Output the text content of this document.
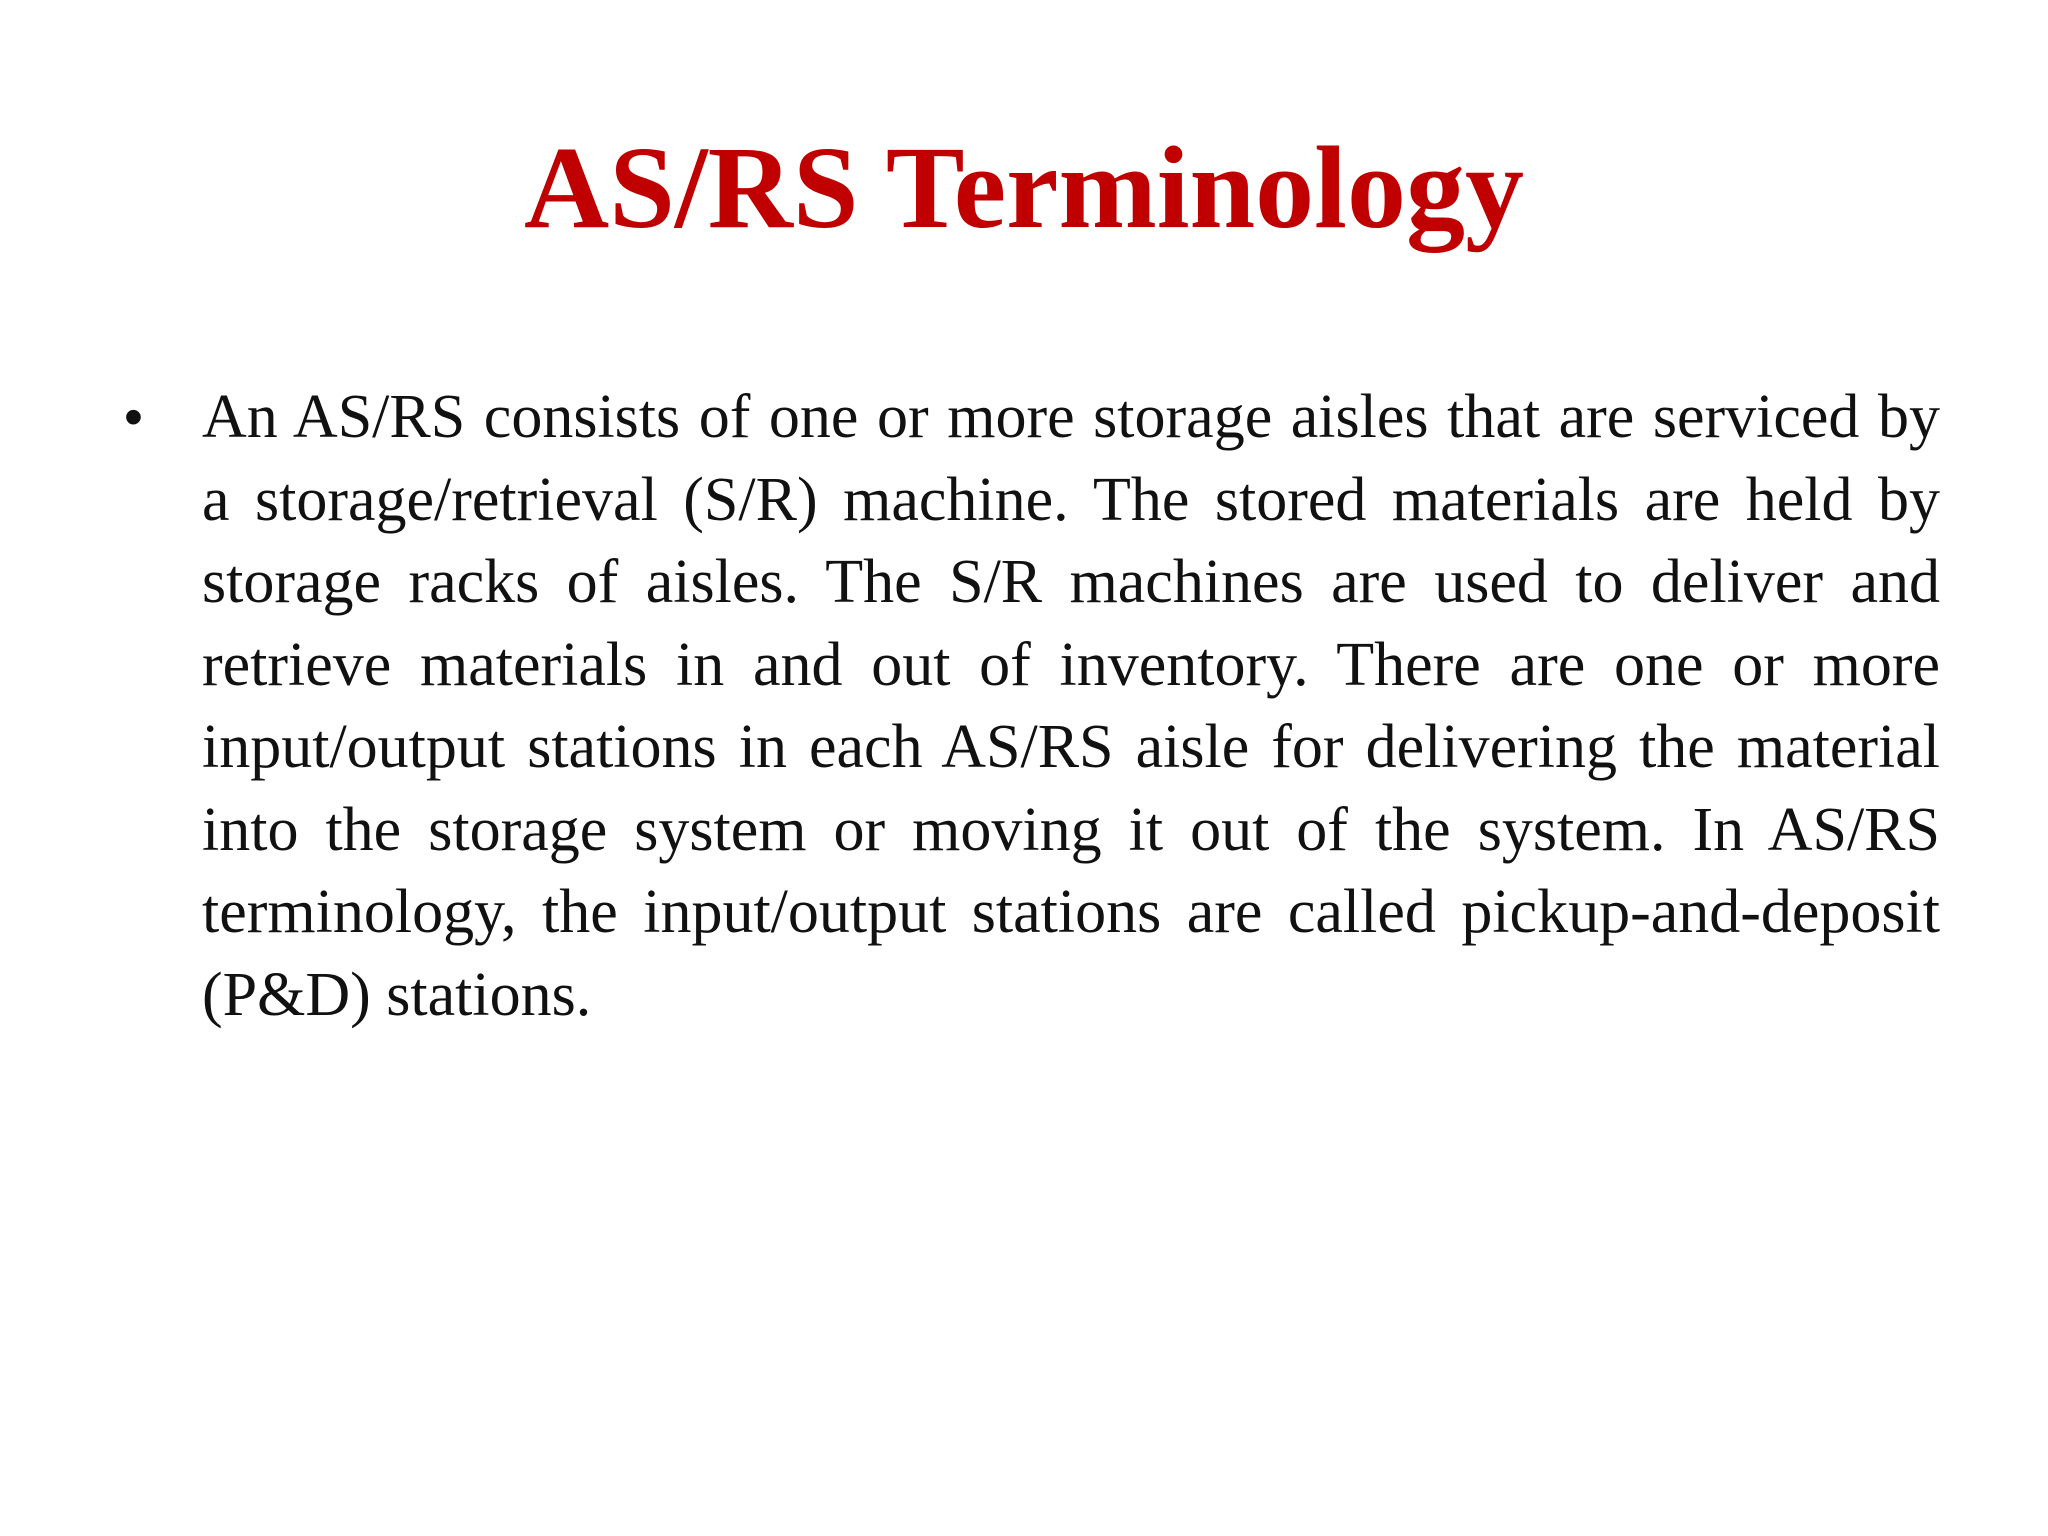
AS/RS Terminology
• An AS/RS consists of one or more storage aisles that are serviced by a storage/retrieval (S/R) machine. The stored materials are held by storage racks of aisles. The S/R machines are used to deliver and retrieve materials in and out of inventory. There are one or more input/output stations in each AS/RS aisle for delivering the material into the storage system or moving it out of the system. In AS/RS terminology, the input/output stations are called pickup-and-deposit (P&D) stations.
